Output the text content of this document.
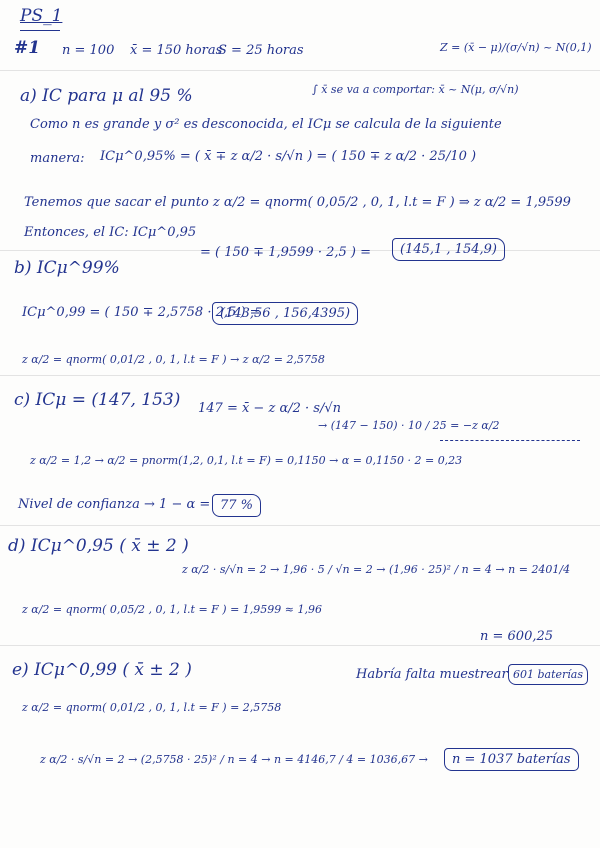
PS_1
#1 n = 100 x̄ = 150 horas
S = 25 horas	Z = (x̄ − μ)/(σ/√n) ~ N(0,1)
a) IC para μ al 95 %	∫ x̄ se va a comportar: x̄ ~ N(μ, σ/√n)
Como n es grande y σ² es desconocida, el ICμ se calcula de la siguiente
manera: ICμ^0,95% = ( x̄ ∓ z α/2 · s/√n ) = ( 150 ∓ z α/2 · 25/10 )
Tenemos que sacar el punto z α/2 = qnorm( 0,05/2 , 0, 1, l.t = F ) ⇒ z α/2 = 1,9599
Entonces, el IC: ICμ^0,95
= ( 150 ∓ 1,9599 · 2,5 ) =	(145,1 , 154,9)
b) ICμ^99%
ICμ^0,99 = ( 150 ∓ 2,5758 · 2,5 ) =
(143,56 , 156,4395)
z α/2 = qnorm( 0,01/2 , 0, 1, l.t = F ) → z α/2 = 2,5758
c) ICμ = (147, 153) 147 = x̄ − z α/2 · s/√n
→ (147 − 150) · 10 / 25 = −z α/2
z α/2 = 1,2 → α/2 = pnorm(1,2, 0,1, l.t = F) = 0,1150 → α = 0,1150 · 2 = 0,23
Nivel de confianza → 1 − α = 77 %
d) ICμ^0,95 ( x̄ ± 2 )
z α/2 · s/√n = 2 → 1,96 · 5 / √n = 2 → (1,96 · 25)² / n = 4 → n = 2401/4
z α/2 = qnorm( 0,05/2 , 0, 1, l.t = F ) = 1,9599 ≈ 1,96
n = 600,25
e) ICμ^0,99 ( x̄ ± 2 )	Habría falta muestrear 601 baterías
z α/2 = qnorm( 0,01/2 , 0, 1, l.t = F ) = 2,5758
z α/2 · s/√n = 2 → (2,5758 · 25)² / n = 4 → n = 4146,7 / 4 = 1036,67 →	n = 1037 baterías
